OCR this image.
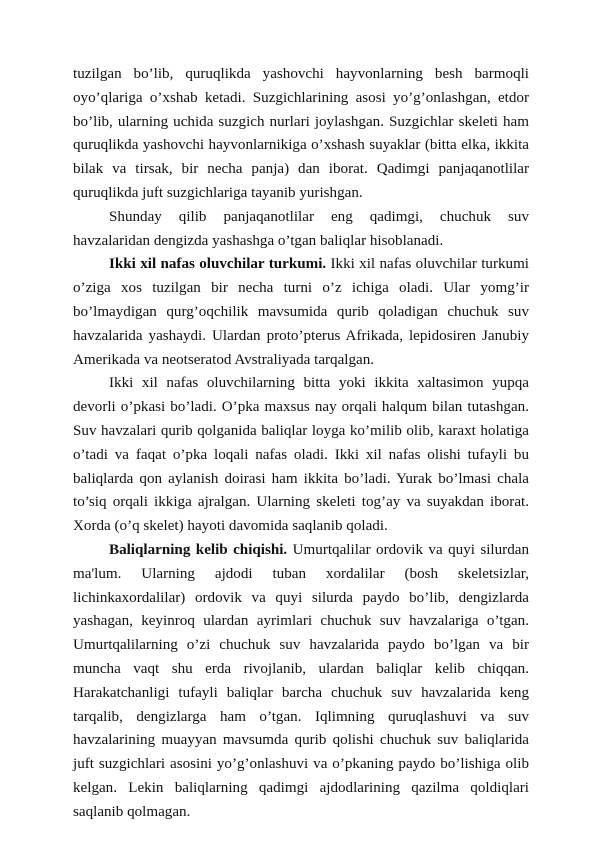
tuzilgan bo’lib, quruqlikda yashovchi hayvonlarning besh barmoqli oyo’qlariga o’xshab ketadi. Suzgichlarining asosi yo’g’onlashgan, etdor bo’lib, ularning uchida suzgich nurlari joylashgan. Suzgichlar skeleti ham quruqlikda yashovchi hayvonlarnikiga o’xshash suyaklar (bitta elka, ikkita bilak va tirsak, bir necha panja) dan iborat. Qadimgi panjaqanotlilar quruqlikda juft suzgichlariga tayanib yurishgan.

Shunday qilib panjaqanotlilar eng qadimgi, chuchuk suv havzalaridan dengizda yashashga o’tgan baliqlar hisoblanadi.

Ikki xil nafas oluvchilar turkumi. Ikki xil nafas oluvchilar turkumi o’ziga xos tuzilgan bir necha turni o’z ichiga oladi. Ular yomg’ir bo’lmaydigan qurg’oqchilik mavsumida qurib qoladigan chuchuk suv havzalarida yashaydi. Ulardan proto’pterus Afrikada, lepidosiren Janubiy Amerikada va neotseratod Avstraliyada tarqalgan.

Ikki xil nafas oluvchilarning bitta yoki ikkita xaltasimon yupqa devorli o’pkasi bo’ladi. O’pka maxsus nay orqali halqum bilan tutashgan. Suv havzalari qurib qolganida baliqlar loyga ko’milib olib, karaxt holatiga o’tadi va faqat o’pka loqali nafas oladi. Ikki xil nafas olishi tufayli bu baliqlarda qon aylanish doirasi ham ikkita bo’ladi. Yurak bo’lmasi chala to’siq orqali ikkiga ajralgan. Ularning skeleti tog’ay va suyakdan iborat. Xorda (o’q skelet) hayoti davomida saqlanib qoladi.

Baliqlarning kelib chiqishi. Umurtqalilar ordovik va quyi silurdan ma'lum. Ularning ajdodi tuban xordalilar (bosh skeletsizlar, lichinkaxordalilar) ordovik va quyi silurda paydo bo’lib, dengizlarda yashagan, keyinroq ulardan ayrimlari chuchuk suv havzalariga o’tgan. Umurtqalilarning o’zi chuchuk suv havzalarida paydo bo’lgan va bir muncha vaqt shu erda rivojlanib, ulardan baliqlar kelib chiqqan. Harakatchanligi tufayli baliqlar barcha chuchuk suv havzalarida keng tarqalib, dengizlarga ham o’tgan. Iqlimning quruqlashuvi va suv havzalarining muayyan mavsumda qurib qolishi chuchuk suv baliqlarida juft suzgichlari asosini yo’g’onlashuvi va o’pkaning paydo bo’lishiga olib kelgan. Lekin baliqlarning qadimgi ajdodlarining qazilma qoldiqlari saqlanib qolmagan.
